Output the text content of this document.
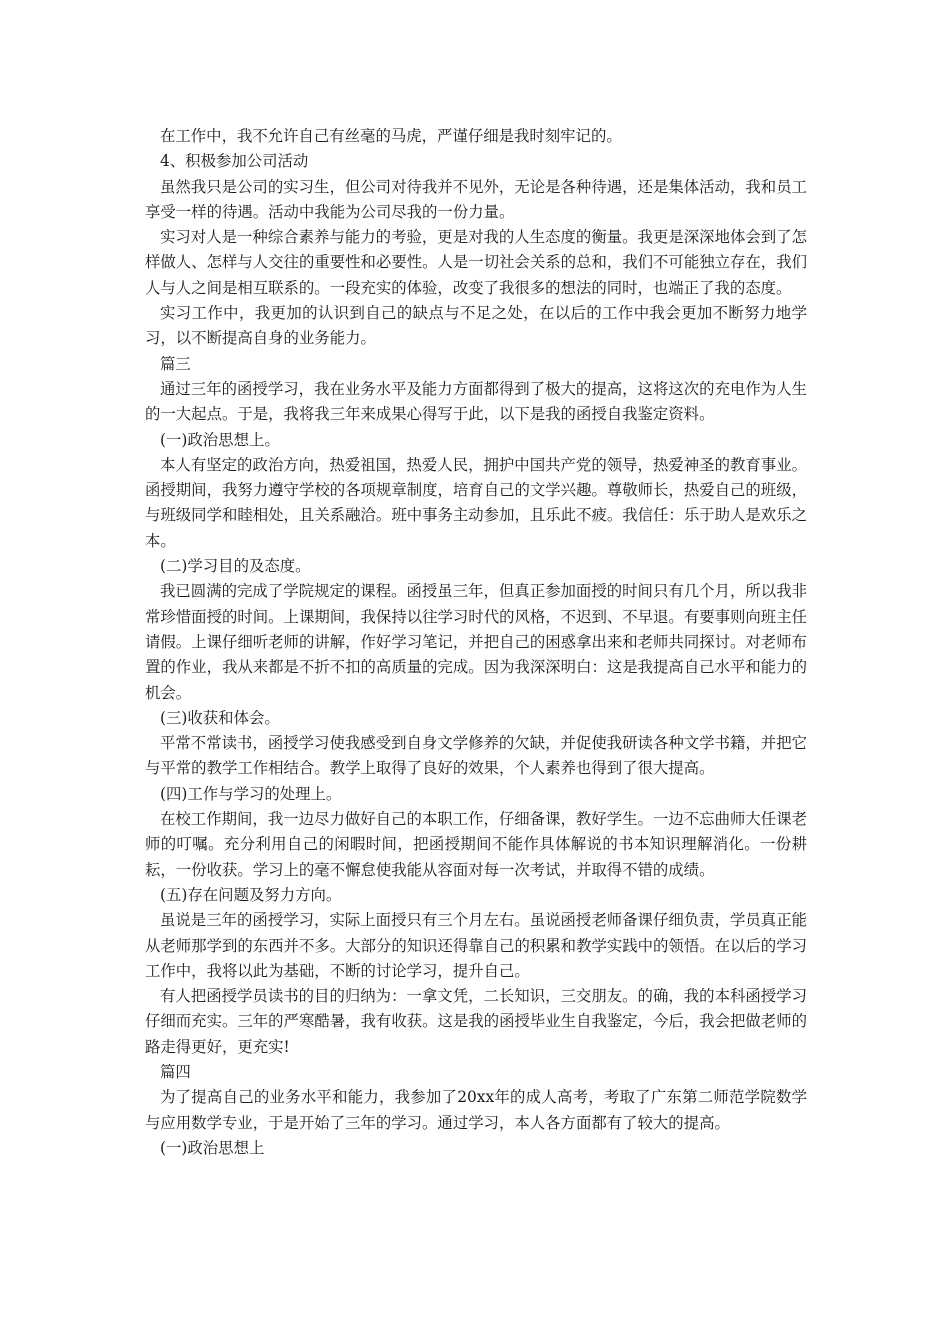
在工作中，我不允许自己有丝毫的马虎，严谨仔细是我时刻牢记的。

4、积极参加公司活动

虽然我只是公司的实习生，但公司对待我并不见外，无论是各种待遇，还是集体活动，我和员工享受一样的待遇。活动中我能为公司尽我的一份力量。

实习对人是一种综合素养与能力的考验，更是对我的人生态度的衡量。我更是深深地体会到了怎样做人、怎样与人交往的重要性和必要性。人是一切社会关系的总和，我们不可能独立存在，我们人与人之间是相互联系的。一段充实的体验，改变了我很多的想法的同时，也端正了我的态度。

实习工作中，我更加的认识到自己的缺点与不足之处，在以后的工作中我会更加不断努力地学习，以不断提高自身的业务能力。

篇三

通过三年的函授学习，我在业务水平及能力方面都得到了极大的提高，这将这次的充电作为人生的一大起点。于是，我将我三年来成果心得写于此，以下是我的函授自我鉴定资料。

(一)政治思想上。

本人有坚定的政治方向，热爱祖国，热爱人民，拥护中国共产党的领导，热爱神圣的教育事业。函授期间，我努力遵守学校的各项规章制度，培育自己的文学兴趣。尊敬师长，热爱自己的班级，与班级同学和睦相处，且关系融洽。班中事务主动参加，且乐此不疲。我信任：乐于助人是欢乐之本。

(二)学习目的及态度。

我已圆满的完成了学院规定的课程。函授虽三年，但真正参加面授的时间只有几个月，所以我非常珍惜面授的时间。上课期间，我保持以往学习时代的风格，不迟到、不早退。有要事则向班主任请假。上课仔细听老师的讲解，作好学习笔记，并把自己的困惑拿出来和老师共同探讨。对老师布置的作业，我从来都是不折不扣的高质量的完成。因为我深深明白：这是我提高自己水平和能力的机会。

(三)收获和体会。

平常不常读书，函授学习使我感受到自身文学修养的欠缺，并促使我研读各种文学书籍，并把它与平常的教学工作相结合。教学上取得了良好的效果，个人素养也得到了很大提高。

(四)工作与学习的处理上。

在校工作期间，我一边尽力做好自己的本职工作，仔细备课，教好学生。一边不忘曲师大任课老师的叮嘱。充分利用自己的闲暇时间，把函授期间不能作具体解说的书本知识理解消化。一份耕耘，一份收获。学习上的毫不懈怠使我能从容面对每一次考试，并取得不错的成绩。

(五)存在问题及努力方向。

虽说是三年的函授学习，实际上面授只有三个月左右。虽说函授老师备课仔细负责，学员真正能从老师那学到的东西并不多。大部分的知识还得靠自己的积累和教学实践中的领悟。在以后的学习工作中，我将以此为基础，不断的讨论学习，提升自己。

有人把函授学员读书的目的归纳为：一拿文凭，二长知识，三交朋友。的确，我的本科函授学习仔细而充实。三年的严寒酷暑，我有收获。这是我的函授毕业生自我鉴定，今后，我会把做老师的路走得更好，更充实!

篇四

为了提高自己的业务水平和能力，我参加了20xx年的成人高考，考取了广东第二师范学院数学与应用数学专业，于是开始了三年的学习。通过学习，本人各方面都有了较大的提高。

(一)政治思想上
